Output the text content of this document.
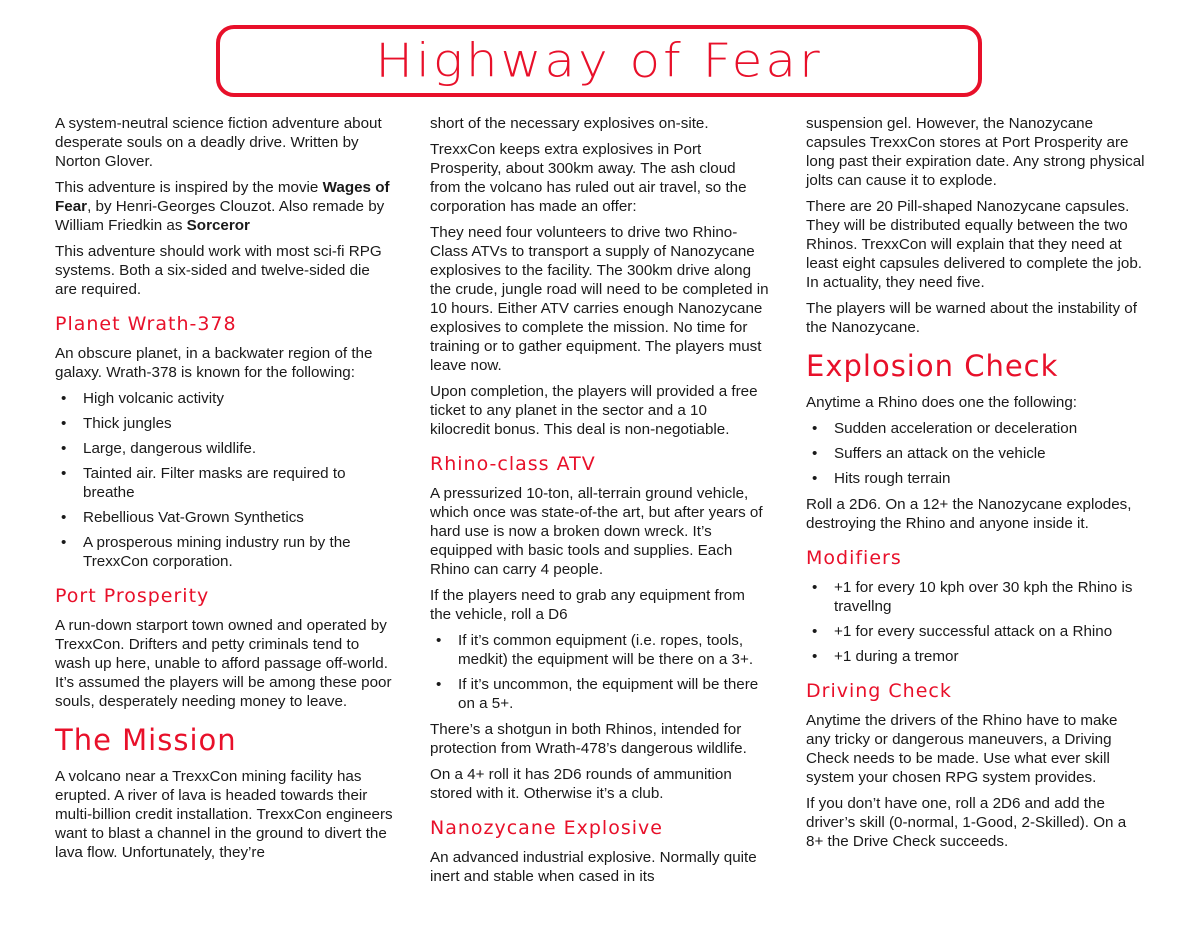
Highway of Fear

A system-neutral science fiction adventure about desperate souls on a deadly drive. Written by Norton Glover.

This adventure is inspired by the movie Wages of Fear, by Henri-Georges Clouzot. Also remade by William Friedkin as Sorceror

This adventure should work with most sci-fi RPG systems. Both a six-sided and twelve-sided die are required.

Planet Wrath-378

An obscure planet, in a backwater region of the galaxy. Wrath-378 is known for the following:

• High volcanic activity
• Thick jungles
• Large, dangerous wildlife.
• Tainted air. Filter masks are required to breathe
• Rebellious Vat-Grown Synthetics
• A prosperous mining industry run by the TrexxCon corporation.
Port Prosperity

A run-down starport town owned and operated by TrexxCon. Drifters and petty criminals tend to wash up here, unable to afford passage off-world. It’s assumed the players will be among these poor souls, desperately needing money to leave.

The Mission

A volcano near a TrexxCon mining facility has erupted. A river of lava is headed towards their multi-billion credit installation. TrexxCon engineers want to blast a channel in the ground to divert the lava flow. Unfortunately, they’re

short of the necessary explosives on-site.

TrexxCon keeps extra explosives in Port Prosperity, about 300km away. The ash cloud from the volcano has ruled out air travel, so the corporation has made an offer:

They need four volunteers to drive two Rhino-Class ATVs to transport a supply of Nanozycane explosives to the facility. The 300km drive along the crude, jungle road will need to be completed in 10 hours. Either ATV carries enough Nanozycane explosives to complete the mission. No time for training or to gather equipment. The players must leave now.

Upon completion, the players will provided a free ticket to any planet in the sector and a 10 kilocredit bonus. This deal is non-negotiable.

Rhino-class ATV

A pressurized 10-ton, all-terrain ground vehicle, which once was state-of-the art, but after years of hard use is now a broken down wreck. It’s equipped with basic tools and supplies. Each Rhino can carry 4 people.

If the players need to grab any equipment from the vehicle, roll a D6

• If it’s common equipment (i.e. ropes, tools, medkit) the equipment will be there on a 3+.
• If it’s uncommon, the equipment will be there on a 5+.

There’s a shotgun in both Rhinos, intended for protection from Wrath-478’s dangerous wildlife.

On a 4+ roll it has 2D6 rounds of ammunition stored with it. Otherwise it’s a club.

Nanozycane Explosive

An advanced industrial explosive. Normally quite inert and stable when cased in its

suspension gel. However, the Nanozycane capsules TrexxCon stores at Port Prosperity are long past their expiration date. Any strong physical jolts can cause it to explode.

There are 20 Pill-shaped Nanozycane capsules. They will be distributed equally between the two Rhinos. TrexxCon will explain that they need at least eight capsules delivered to complete the job. In actuality, they need five.

The players will be warned about the instability of the Nanozycane.

Explosion Check

Anytime a Rhino does one the following:

• Sudden acceleration or deceleration
• Suffers an attack on the vehicle
• Hits rough terrain

Roll a 2D6. On a 12+ the Nanozycane explodes, destroying the Rhino and anyone inside it.

Modifiers
• +1 for every 10 kph over 30 kph the Rhino is travellng
• +1 for every successful attack on a Rhino
• +1 during a tremor
Driving Check

Anytime the drivers of the Rhino have to make any tricky or dangerous maneuvers, a Driving Check needs to be made. Use what ever skill system your chosen RPG system provides.

If you don’t have one, roll a 2D6 and add the driver’s skill (0-normal, 1-Good, 2-Skilled). On a 8+ the Drive Check succeeds.
